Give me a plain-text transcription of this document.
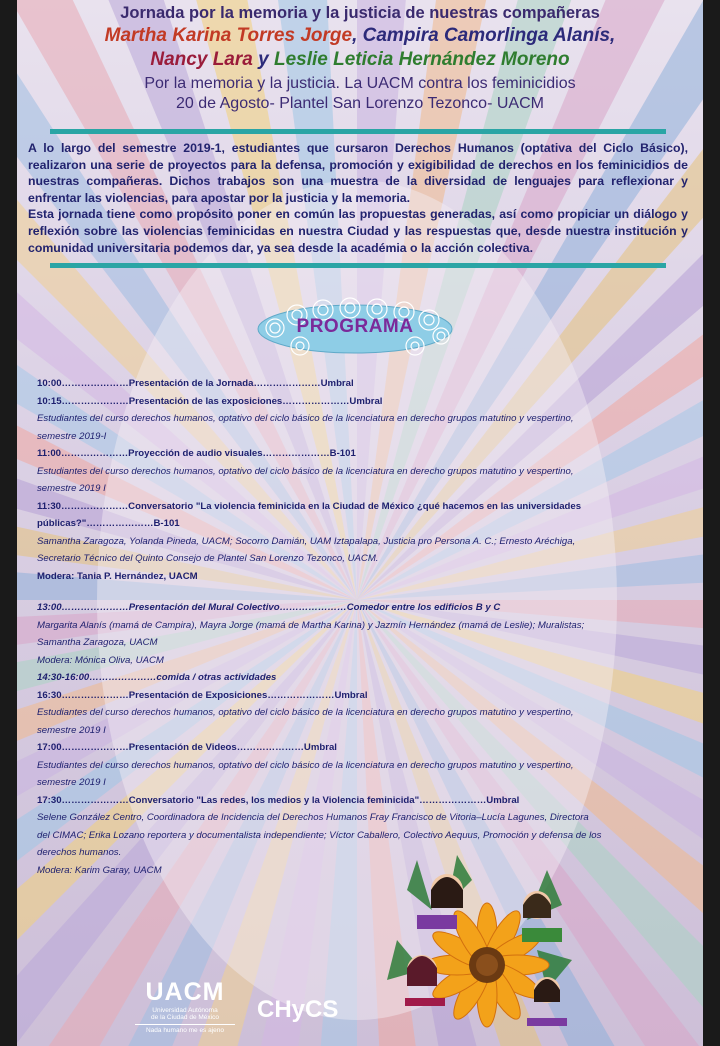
Jornada por la memoria y la justicia de nuestras compañeras
Martha Karina Torres Jorge, Campira Camorlinga Alanís,
Nancy Lara y Leslie Leticia Hernández Moreno
Por la memoria y la justicia. La UACM contra los feminicidios
20 de Agosto- Plantel San Lorenzo Tezonco- UACM

A lo largo del semestre 2019-1, estudiantes que cursaron Derechos Humanos (optativa del Ciclo Básico), realizaron una serie de proyectos para la defensa, promoción y exigibilidad de derechos en los feminicidios de nuestras compañeras. Dichos trabajos son una muestra de la diversidad de lenguajes para reflexionar y enfrentar las violencias, para apostar por la justicia y la memoria.

Esta jornada tiene como propósito poner en común las propuestas generadas, así como propiciar un diálogo y reflexión sobre las violencias feminicidas en nuestra Ciudad y las respuestas que, desde nuestra institución y comunidad universitaria podemos dar, ya sea desde la académia o la acción colectiva.

PROGRAMA
10:00…………………Presentación de la Jornada…………………Umbral
10:15…………………Presentación de las exposiciones…………………Umbral
Estudiantes del curso derechos humanos, optativo del ciclo básico de la licenciatura en derecho grupos matutino y vespertino,
semestre 2019-I
11:00…………………Proyección de audio visuales…………………B-101
Estudiantes del curso derechos humanos, optativo del ciclo básico de la licenciatura en derecho grupos matutino y vespertino,
semestre 2019 I
11:30…………………Conversatorio "La violencia feminicida en la Ciudad de México ¿qué hacemos en las universidades
públicas?"…………………B-101
Samantha Zaragoza, Yolanda Pineda, UACM; Socorro Damián, UAM Iztapalapa, Justicia pro Persona A. C.; Ernesto Aréchiga,
Secretario Técnico del Quinto Consejo de Plantel San Lorenzo Tezonco, UACM.
Modera: Tania P. Hernández, UACM
13:00…………………Presentación del Mural Colectivo…………………Comedor entre los edificios B y C
Margarita Alanís (mamá de Campira), Mayra Jorge (mamá de Martha Karina) y Jazmín Hernández (mamá de Leslie); Muralistas;
Samantha Zaragoza, UACM
Modera: Mónica Oliva, UACM
14:30-16:00…………………comida / otras actividades
16:30…………………Presentación de Exposiciones…………………Umbral
Estudiantes del curso derechos humanos, optativo del ciclo básico de la licenciatura en derecho grupos matutino y vespertino,
semestre 2019 I
17:00…………………Presentación de Videos…………………Umbral
Estudiantes del curso derechos humanos, optativo del ciclo básico de la licenciatura en derecho grupos matutino y vespertino,
semestre 2019 I
17:30…………………Conversatorio "Las redes, los medios y la Violencia feminicida"…………………Umbral
Selene González Centro, Coordinadora de Incidencia del Derechos Humanos Fray Francisco de Vitoria–Lucía Lagunes, Directora
del CIMAC; Erika Lozano reportera y documentalista independiente; Víctor Caballero, Colectivo Aequus, Promoción y defensa de los
derechos humanos.
Modera: Karim Garay, UACM
UACM
Universidad Autónoma
de la Ciudad de México
Nada humano me es ajeno
CHyCS
